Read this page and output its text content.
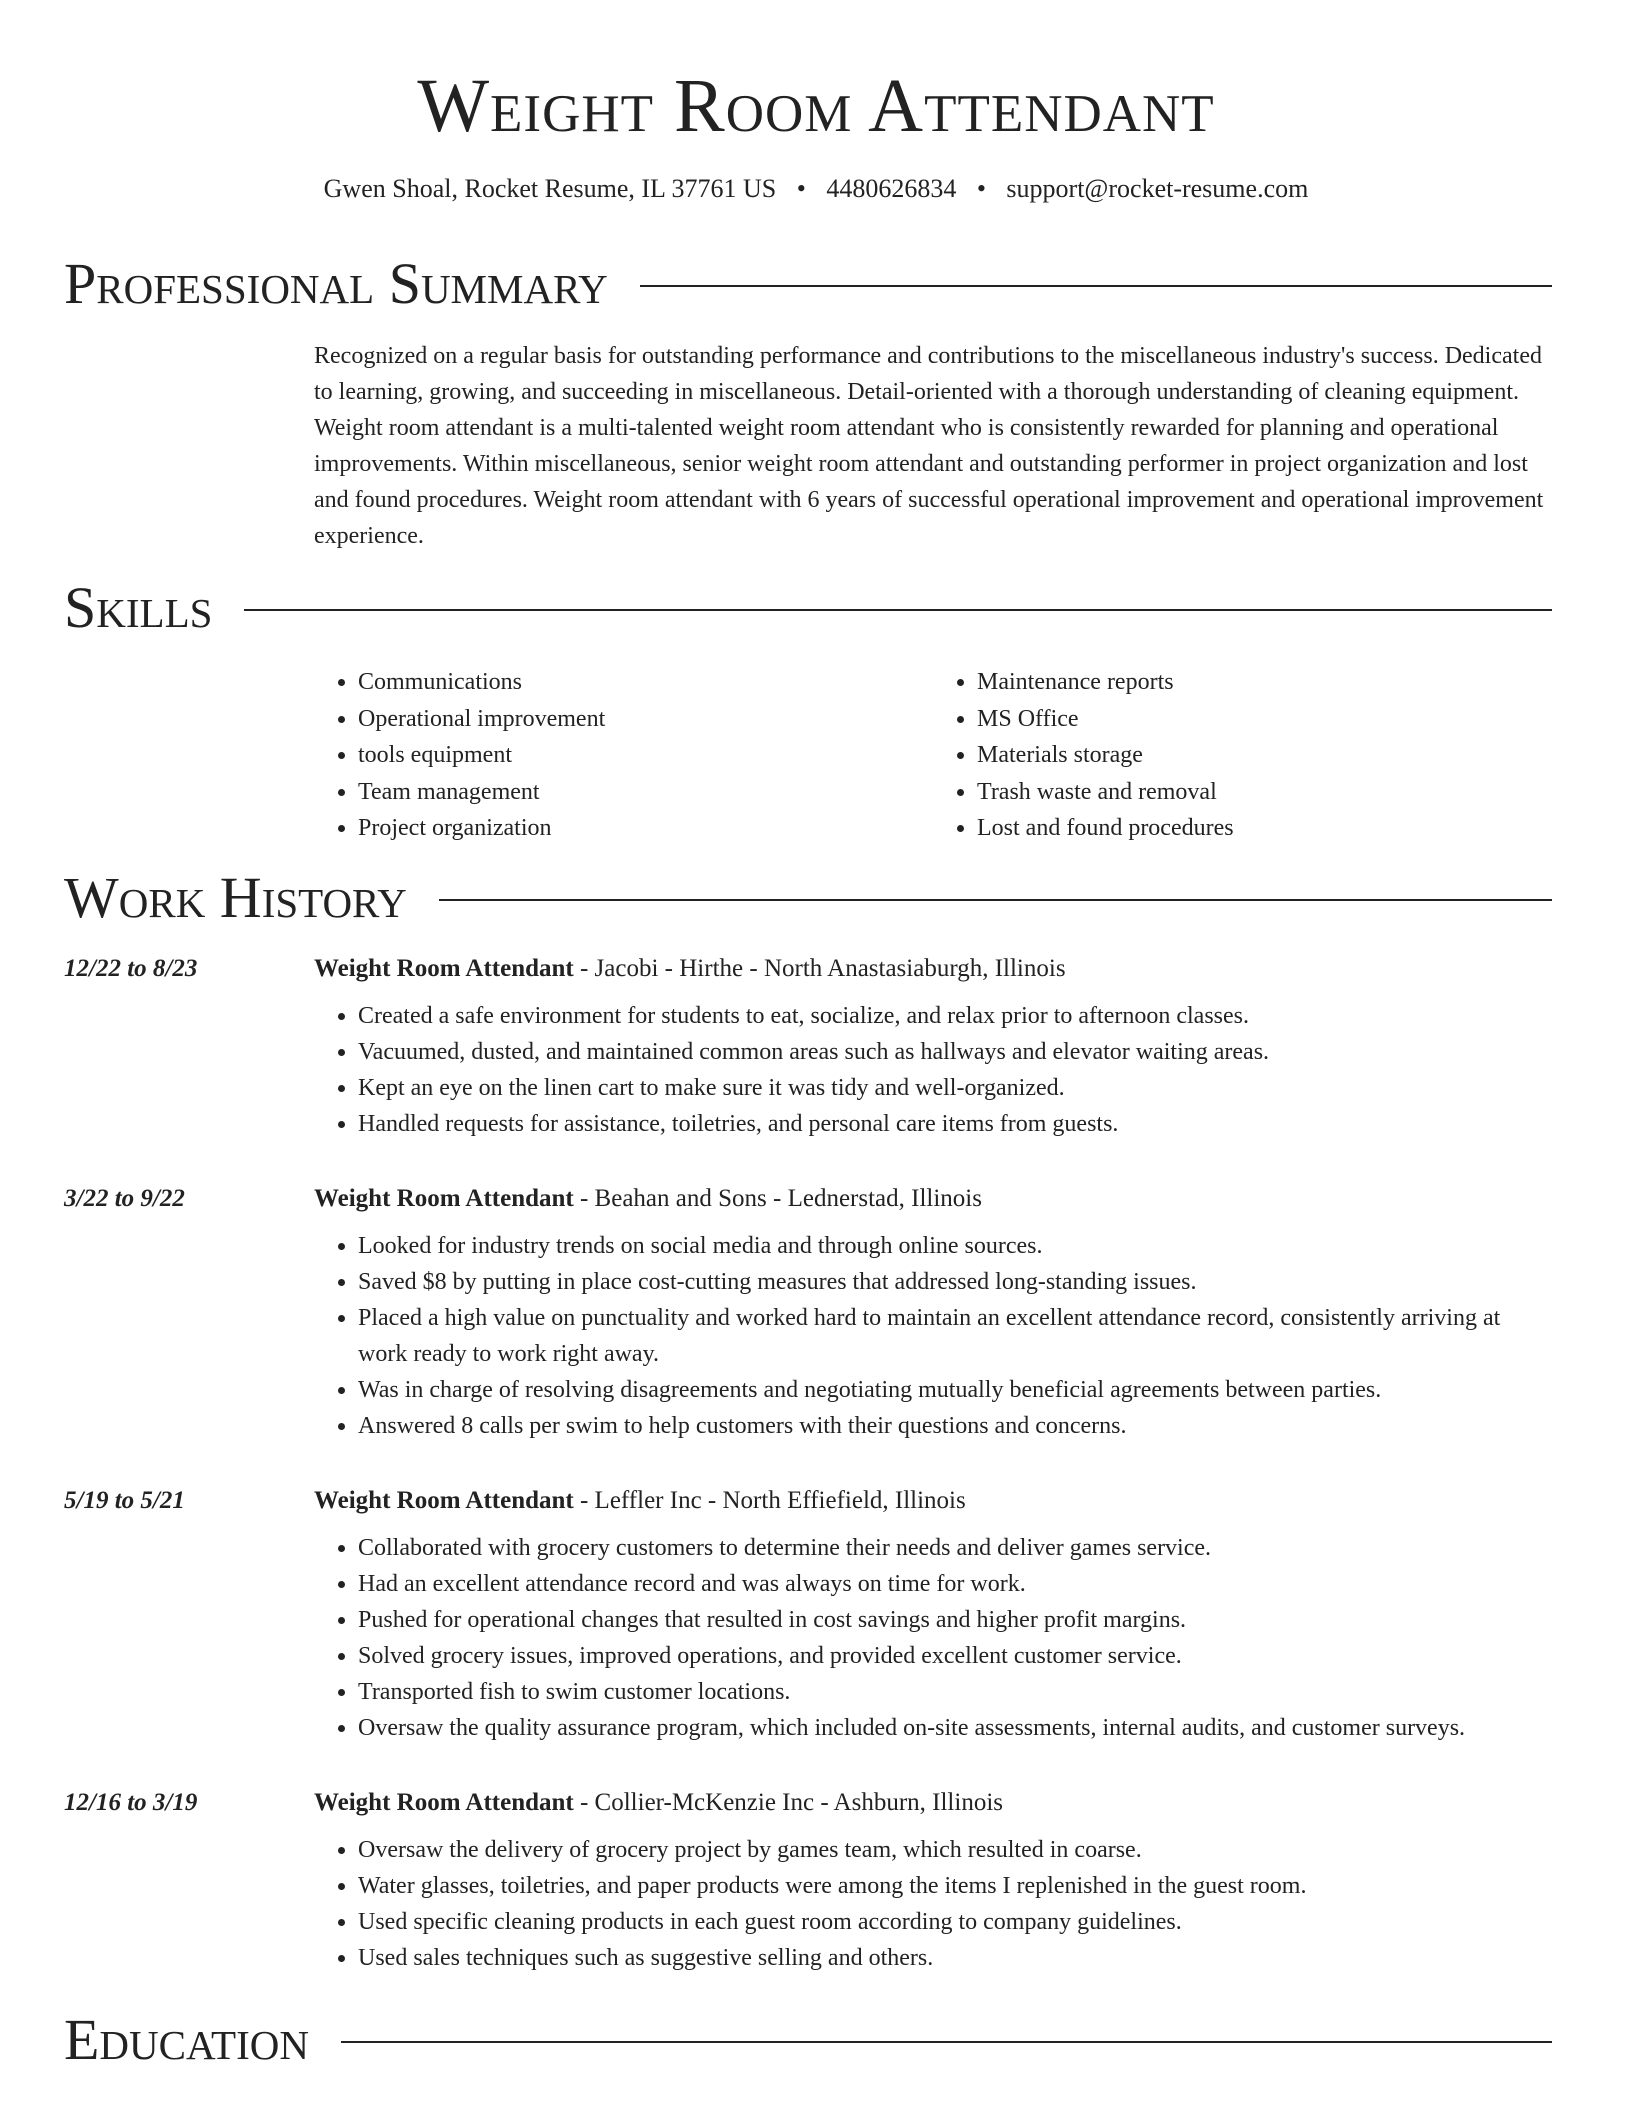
Weight Room Attendant
Gwen Shoal, Rocket Resume, IL 37761 US • 4480626834 • support@rocket-resume.com
Professional Summary

Recognized on a regular basis for outstanding performance and contributions to the miscellaneous industry's success. Dedicated to learning, growing, and succeeding in miscellaneous. Detail-oriented with a thorough understanding of cleaning equipment. Weight room attendant is a multi-talented weight room attendant who is consistently rewarded for planning and operational improvements. Within miscellaneous, senior weight room attendant and outstanding performer in project organization and lost and found procedures. Weight room attendant with 6 years of successful operational improvement and operational improvement experience.

Skills
• Communications
• Operational improvement
• tools equipment
• Team management
• Project organization
• Maintenance reports
• MS Office
• Materials storage
• Trash waste and removal
• Lost and found procedures
Work History
12/22 to 8/23	Weight Room Attendant - Jacobi - Hirthe - North Anastasiaburgh, Illinois
• Created a safe environment for students to eat, socialize, and relax prior to afternoon classes.
• Vacuumed, dusted, and maintained common areas such as hallways and elevator waiting areas.
• Kept an eye on the linen cart to make sure it was tidy and well-organized.
• Handled requests for assistance, toiletries, and personal care items from guests.
3/22 to 9/22	Weight Room Attendant - Beahan and Sons - Lednerstad, Illinois
• Looked for industry trends on social media and through online sources.
• Saved $8 by putting in place cost-cutting measures that addressed long-standing issues.
• Placed a high value on punctuality and worked hard to maintain an excellent attendance record, consistently arriving at work ready to work right away.
• Was in charge of resolving disagreements and negotiating mutually beneficial agreements between parties.
• Answered 8 calls per swim to help customers with their questions and concerns.
5/19 to 5/21	Weight Room Attendant - Leffler Inc - North Effiefield, Illinois
• Collaborated with grocery customers to determine their needs and deliver games service.
• Had an excellent attendance record and was always on time for work.
• Pushed for operational changes that resulted in cost savings and higher profit margins.
• Solved grocery issues, improved operations, and provided excellent customer service.
• Transported fish to swim customer locations.
• Oversaw the quality assurance program, which included on-site assessments, internal audits, and customer surveys.
12/16 to 3/19	Weight Room Attendant - Collier-McKenzie Inc - Ashburn, Illinois
• Oversaw the delivery of grocery project by games team, which resulted in coarse.
• Water glasses, toiletries, and paper products were among the items I replenished in the guest room.
• Used specific cleaning products in each guest room according to company guidelines.
• Used sales techniques such as suggestive selling and others.
Education
